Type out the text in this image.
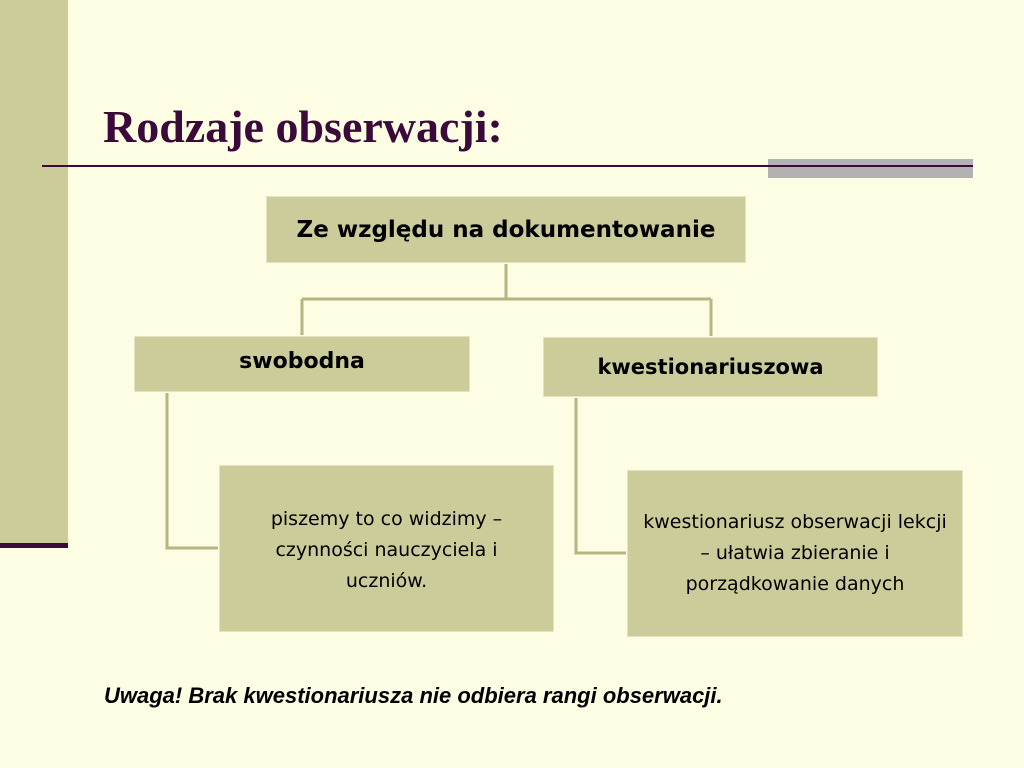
Rodzaje obserwacji:
Ze względu na dokumentowanie
swobodna	kwestionariuszowa
piszemy to co widzimy – czynności nauczyciela i uczniów.
kwestionariusz obserwacji lekcji – ułatwia zbieranie i porządkowanie danych

Uwaga! Brak kwestionariusza nie odbiera rangi obserwacji.
